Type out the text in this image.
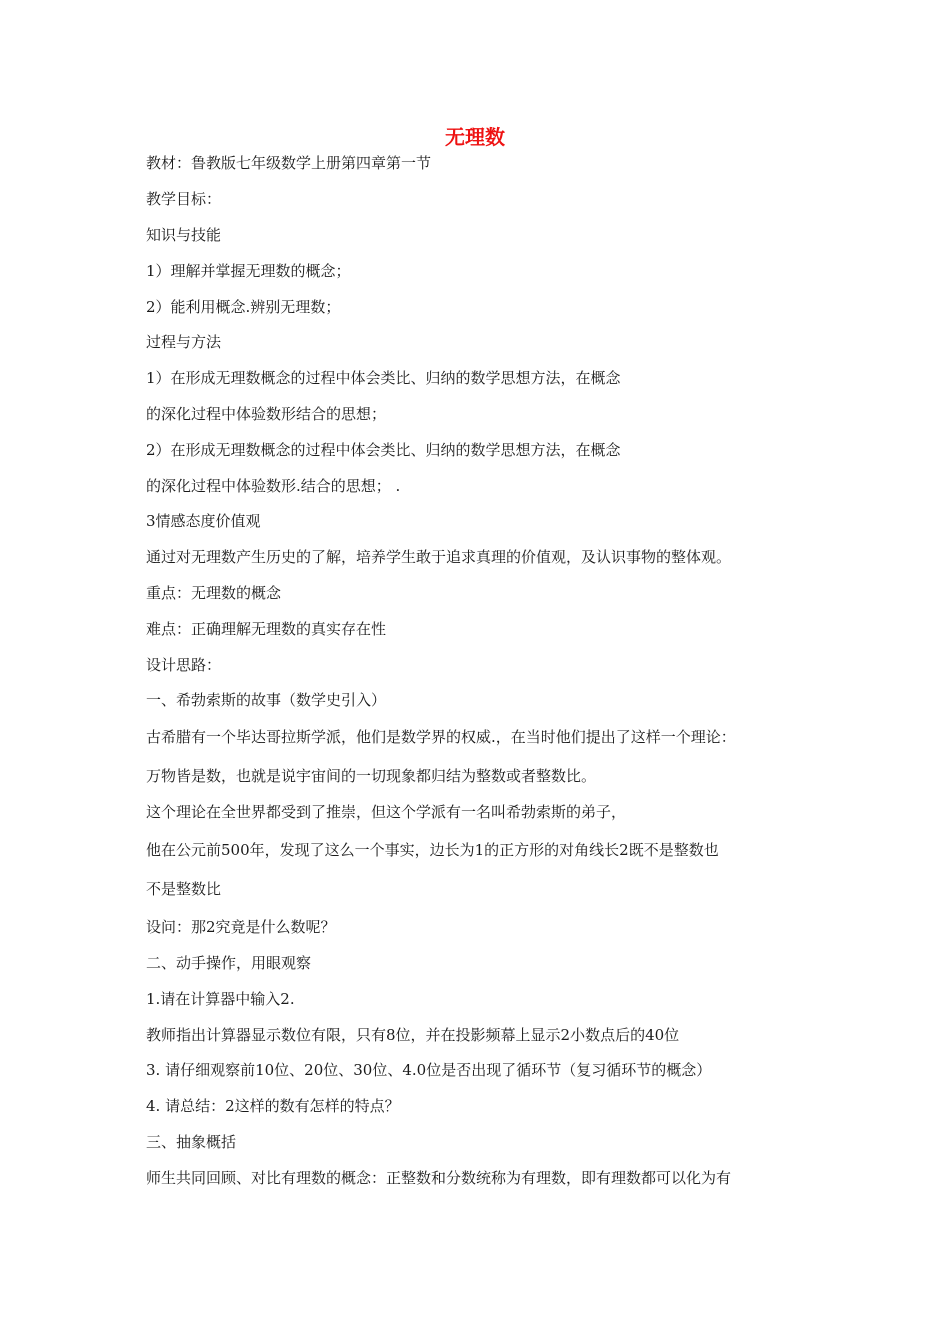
无理数
教材：鲁教版七年级数学上册第四章第一节
教学目标：
知识与技能
1）理解并掌握无理数的概念；
2）能利用概念.辨别无理数；
过程与方法
1）在形成无理数概念的过程中体会类比、归纳的数学思想方法，在概念
的深化过程中体验数形结合的思想；
2）在形成无理数概念的过程中体会类比、归纳的数学思想方法，在概念
的深化过程中体验数形.结合的思想； .
3情感态度价值观
通过对无理数产生历史的了解，培养学生敢于追求真理的价值观，及认识事物的整体观。
重点：无理数的概念
难点：正确理解无理数的真实存在性
设计思路：
一、希勃索斯的故事（数学史引入）
古希腊有一个毕达哥拉斯学派，他们是数学界的权威.，在当时他们提出了这样一个理论：
万物皆是数，也就是说宇宙间的一切现象都归结为整数或者整数比。
这个理论在全世界都受到了推崇，但这个学派有一名叫希勃索斯的弟子，
他在公元前500年，发现了这么一个事实，边长为1的正方形的对角线长2既不是整数也
不是整数比
设问：那2究竟是什么数呢？
二、动手操作，用眼观察
1.请在计算器中输入2.
教师指出计算器显示数位有限，只有8位，并在投影频幕上显示2小数点后的40位
3. 请仔细观察前10位、20位、30位、4.0位是否出现了循环节（复习循环节的概念）
4. 请总结：2这样的数有怎样的特点？
三、抽象概括
师生共同回顾、对比有理数的概念：正整数和分数统称为有理数，即有理数都可以化为有
